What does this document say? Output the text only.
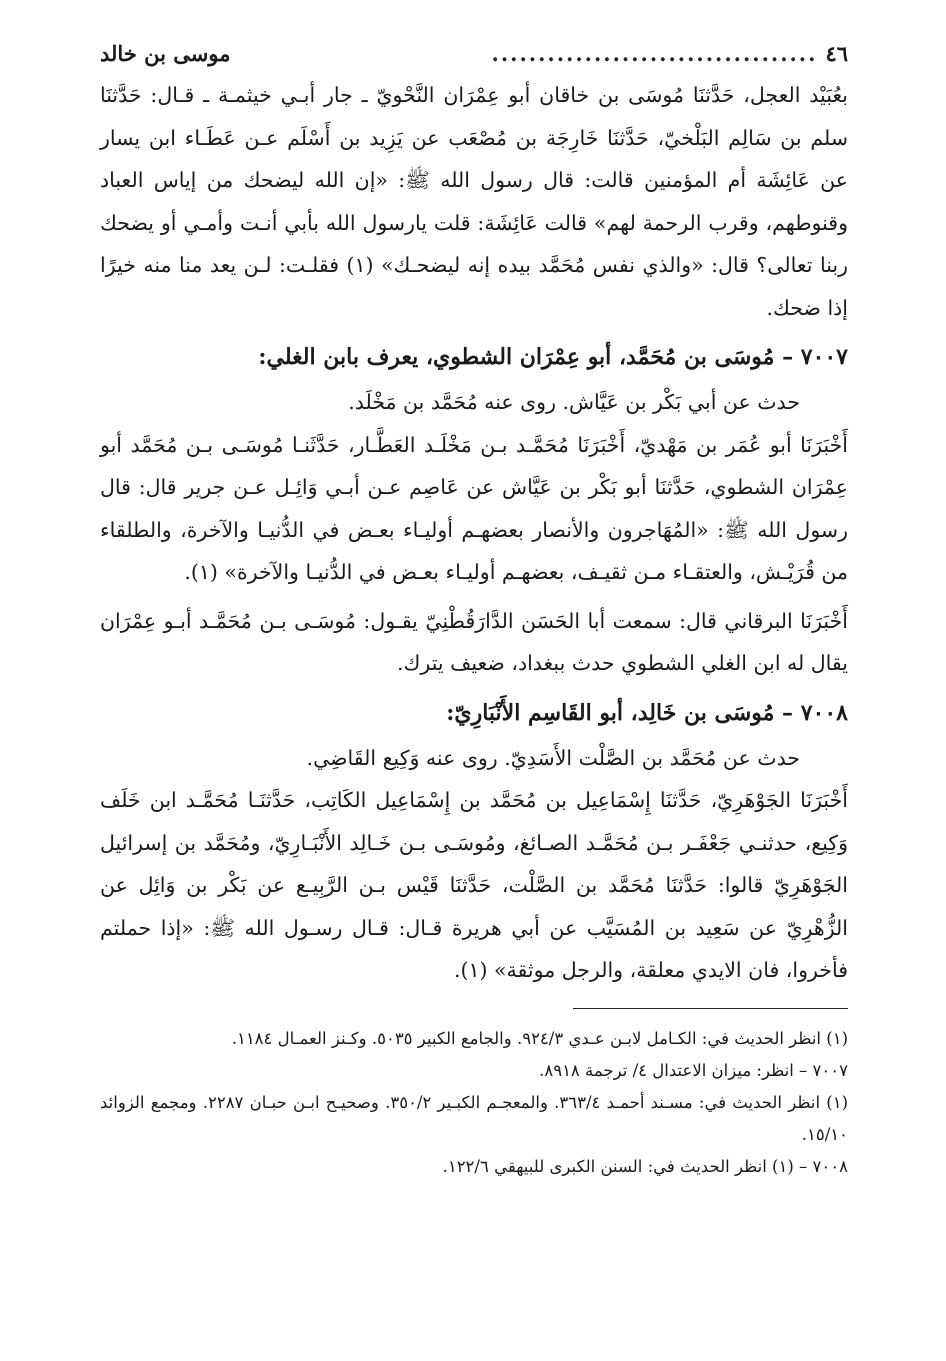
٤٦
...................................
موسى بن خالد

بعُبَيْد العجل، حَدَّثنَا مُوسَى بن خاقان أبو عِمْرَان النَّحْويّ ـ جار أبـي خيثمـة ـ قـال: حَدَّثنَا سلم بن سَالِم البَلْخيّ، حَدَّثنَا خَارِجَة بن مُصْعَب عن يَزِيد بن أَسْلَم عـن عَطَـاء ابن يسار عن عَائِشَة أم المؤمنين قالت: قال رسول الله ﷺ: «إن الله ليضحك من إياس العباد وقنوطهم، وقرب الرحمة لهم» قالت عَائِشَة: قلت يارسول الله بأبي أنـت وأمـي أو يضحك ربنا تعالى؟ قال: «والذي نفس مُحَمَّد بيده إنه ليضحـك» (١) فقلـت: لـن يعد منا منه خيرًا إذا ضحك.

٧٠٠٧ – مُوسَى بن مُحَمَّد، أبو عِمْرَان الشطوي، يعرف بابن الغلي:

حدث عن أبي بَكْر بن عَيَّاش. روى عنه مُحَمَّد بن مَخْلَد.

أَخْبَرَنَا أبو عُمَر بن مَهْديّ، أَخْبَرَنَا مُحَمَّـد بـن مَخْلَـد العَطَّـار، حَدَّثَنـا مُوسَـى بـن مُحَمَّد أبو عِمْرَان الشطوي، حَدَّثنَا أبو بَكْر بن عَيَّاش عن عَاصِم عـن أبـي وَائِـل عـن جرير قال: قال رسول الله ﷺ: «المُهَاجرون والأنصار بعضهـم أوليـاء بعـض في الدُّنيـا والآخرة، والطلقاء من قُرَيْـش، والعتقـاء مـن ثقيـف، بعضهـم أوليـاء بعـض في الدُّنيـا والآخرة» (١).

أَخْبَرَنَا البرقاني قال: سمعت أبا الحَسَن الدَّارَقُطْنِيّ يقـول: مُوسَـى بـن مُحَمَّـد أبـو عِمْرَان يقال له ابن الغلي الشطوي حدث ببغداد، ضعيف يترك.

٧٠٠٨ – مُوسَى بن خَالِد، أبو القَاسِم الأَنْبَارِيّ:

حدث عن مُحَمَّد بن الصَّلْت الأَسَدِيّ. روى عنه وَكِيع القَاضِي.

أَخْبَرَنَا الجَوْهَرِيّ، حَدَّثنَا إِسْمَاعِيل بن مُحَمَّد بن إِسْمَاعِيل الكَاتِب، حَدَّثنَـا مُحَمَّـد ابن خَلَف وَكِيع، حدثنـي جَعْفَـر بـن مُحَمَّـد الصـائغ، ومُوسَـى بـن خَـالِد الأَنْبَـارِيّ، ومُحَمَّد بن إسرائيل الجَوْهَرِيّ قالوا: حَدَّثنَا مُحَمَّد بن الصَّلْت، حَدَّثنَا قَيْس بـن الرَّبِيـع عن بَكْر بن وَائِل عن الزُّهْرِيّ عن سَعِيد بن المُسَيَّب عن أبي هريرة قـال: قـال رسـول الله ﷺ: «إذا حملتم فأخروا، فان الايدي معلقة، والرجل موثقة» (١).

(١) انظر الحديث في: الكـامل لابـن عـدي ٩٢٤/٣. والجامع الكبير ٥٠٣٥. وكـنز العمـال ١١٨٤.

٧٠٠٧ – انظر: ميزان الاعتدال ٤/ ترجمة ٨٩١٨.

(١) انظر الحديث في: مسـند أحمـد ٣٦٣/٤. والمعجـم الكبـير ٣٥٠/٢. وصحيـح ابـن حبـان ٢٢٨٧. ومجمع الزوائد ١٥/١٠.

٧٠٠٨ – (١) انظر الحديث في: السنن الكبرى للبيهقي ١٢٢/٦.
